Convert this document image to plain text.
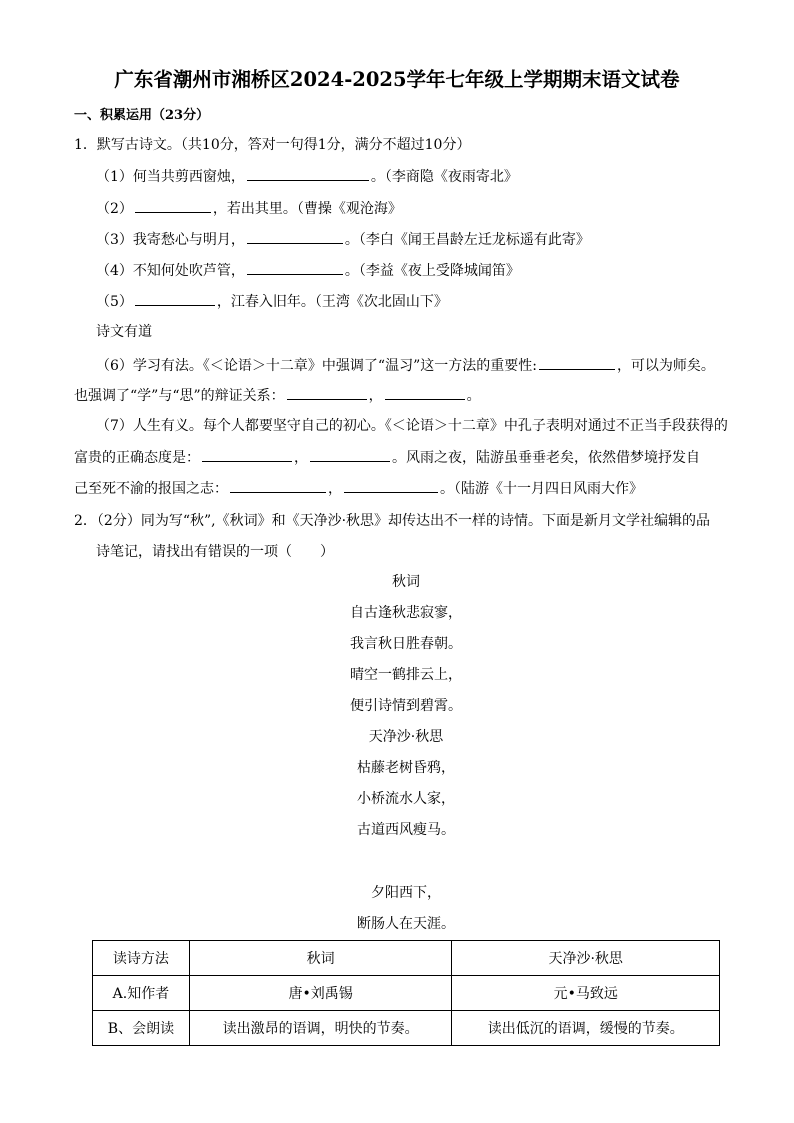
广东省潮州市湘桥区2024-2025学年七年级上学期期末语文试卷
一、积累运用（23分）
1．默写古诗文。（共10分，答对一句得1分，满分不超过10分）
（1）何当共剪西窗烛，	。（李商隐《夜雨寄北》
（2）	，若出其里。（曹操《观沧海》
（3）我寄愁心与明月，	。（李白《闻王昌龄左迁龙标遥有此寄》
（4）不知何处吹芦管，	。（李益《夜上受降城闻笛》
（5）	，江春入旧年。（王湾《次北固山下》
诗文有道
（6）学习有法。《＜论语＞十二章》中强调了“温习”这一方法的重要性:	，可以为师矣。
也强调了“学”与“思”的辩证关系：	，	。
（7）人生有义。每个人都要坚守自己的初心。《＜论语＞十二章》中孔子表明对通过不正当手段获得的
富贵的正确态度是：	，	。风雨之夜，陆游虽垂垂老矣，依然借梦境抒发自
己至死不渝的报国之志：	，	。（陆游《十一月四日风雨大作》
2．（2分）同为写“秋”,《秋词》和《天净沙·秋思》却传达出不一样的诗情。下面是新月文学社编辑的品
诗笔记，请找出有错误的一项（　　）
秋词
自古逢秋悲寂寥，
我言秋日胜春朝。
晴空一鹤排云上，
便引诗情到碧霄。
天净沙·秋思
枯藤老树昏鸦，
小桥流水人家，
古道西风瘦马。
夕阳西下，
断肠人在天涯。
读诗方法	秋词	天净沙·秋思
A.知作者	唐•刘禹锡	元•马致远
B、会朗读	读出激昂的语调，明快的节奏。	读出低沉的语调，缓慢的节奏。
